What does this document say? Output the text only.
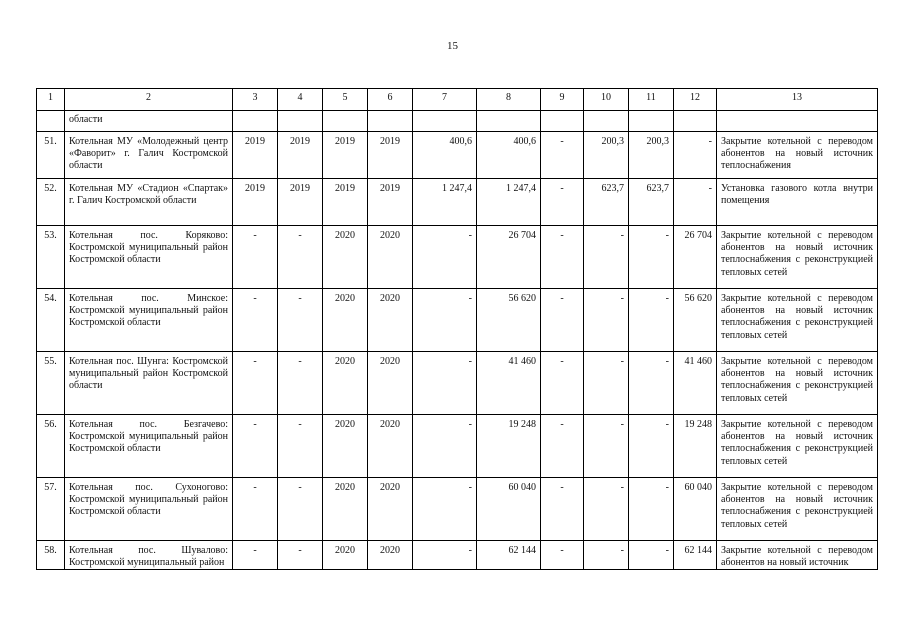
15
1	2	3	4	5	6	7	8	9	10	11	12	13
	области											
51.	Котельная МУ «Молодежный центр «Фаворит» г. Галич Костромской области	2019	2019	2019	2019	400,6	400,6	-	200,3	200,3	-	Закрытие котельной с переводом абонентов на новый источник теплоснабжения
52.	Котельная МУ «Стадион «Спартак» г. Галич Костромской области	2019	2019	2019	2019	1 247,4	1 247,4	-	623,7	623,7	-	Установка газового котла внутри помещения
53.	Котельная пос. Коряково: Костромской муниципальный район Костромской области	-	-	2020	2020	-	26 704	-	-	-	26 704	Закрытие котельной с переводом абонентов на новый источник теплоснабжения с реконструкцией тепловых сетей
54.	Котельная пос. Минское: Костромской муниципальный район Костромской области	-	-	2020	2020	-	56 620	-	-	-	56 620	Закрытие котельной с переводом абонентов на новый источник теплоснабжения с реконструкцией тепловых сетей
55.	Котельная пос. Шунга: Костромской муниципальный район Костромской области	-	-	2020	2020	-	41 460	-	-	-	41 460	Закрытие котельной с переводом абонентов на новый источник теплоснабжения с реконструкцией тепловых сетей
56.	Котельная пос. Безгачево: Костромской муниципальный район Костромской области	-	-	2020	2020	-	19 248	-	-	-	19 248	Закрытие котельной с переводом абонентов на новый источник теплоснабжения с реконструкцией тепловых сетей
57.	Котельная пос. Сухоногово: Костромской муниципальный район Костромской области	-	-	2020	2020	-	60 040	-	-	-	60 040	Закрытие котельной с переводом абонентов на новый источник теплоснабжения с реконструкцией тепловых сетей
58.	Котельная пос. Шувалово: Костромской муниципальный район	-	-	2020	2020	-	62 144	-	-	-	62 144	Закрытие котельной с переводом абонентов на новый источник
